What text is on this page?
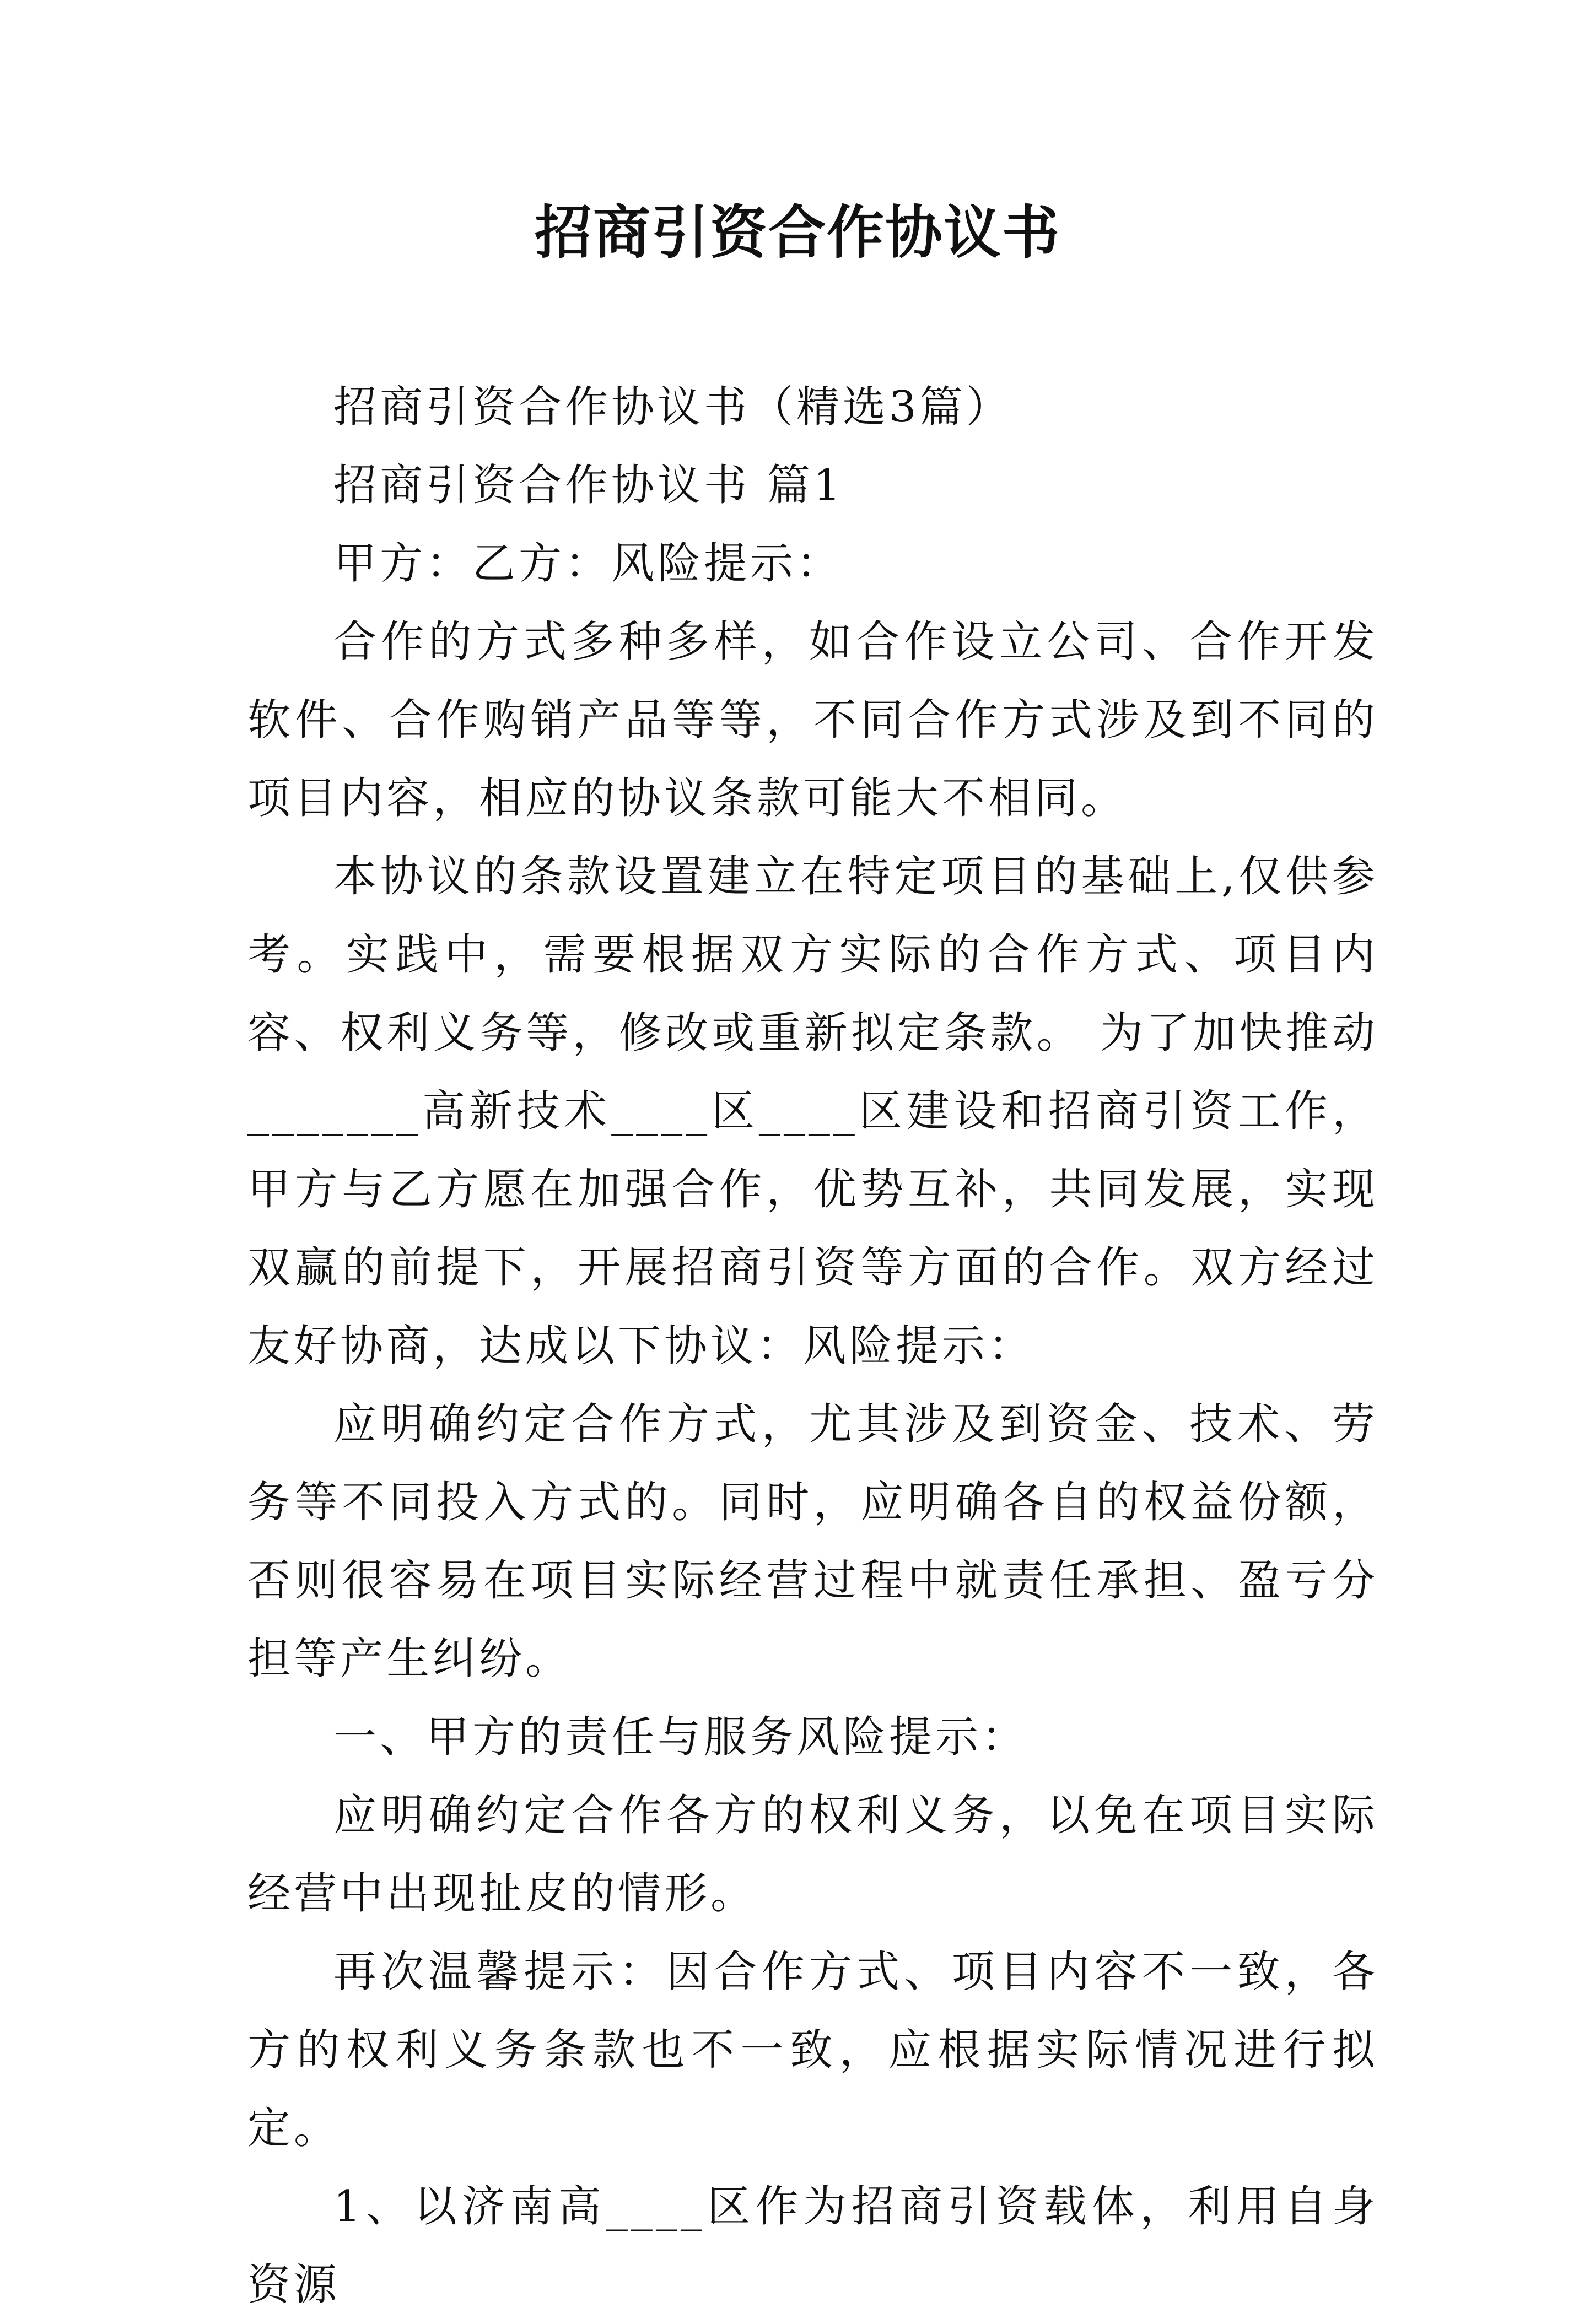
招商引资合作协议书

招商引资合作协议书（精选3篇）

招商引资合作协议书 篇1

甲方：乙方：风险提示：

合作的方式多种多样，如合作设立公司、合作开发软件、合作购销产品等等，不同合作方式涉及到不同的项目内容，相应的协议条款可能大不相同。

本协议的条款设置建立在特定项目的基础上,仅供参考。实践中，需要根据双方实际的合作方式、项目内容、权利义务等，修改或重新拟定条款。 为了加快推动_______高新技术____区____区建设和招商引资工作，甲方与乙方愿在加强合作，优势互补，共同发展，实现双赢的前提下，开展招商引资等方面的合作。双方经过友好协商，达成以下协议：风险提示：

应明确约定合作方式，尤其涉及到资金、技术、劳务等不同投入方式的。同时，应明确各自的权益份额，否则很容易在项目实际经营过程中就责任承担、盈亏分担等产生纠纷。

一、甲方的责任与服务风险提示：

应明确约定合作各方的权利义务，以免在项目实际经营中出现扯皮的情形。

再次温馨提示：因合作方式、项目内容不一致，各方的权利义务条款也不一致，应根据实际情况进行拟定。

1、以济南高____区作为招商引资载体，利用自身资源
